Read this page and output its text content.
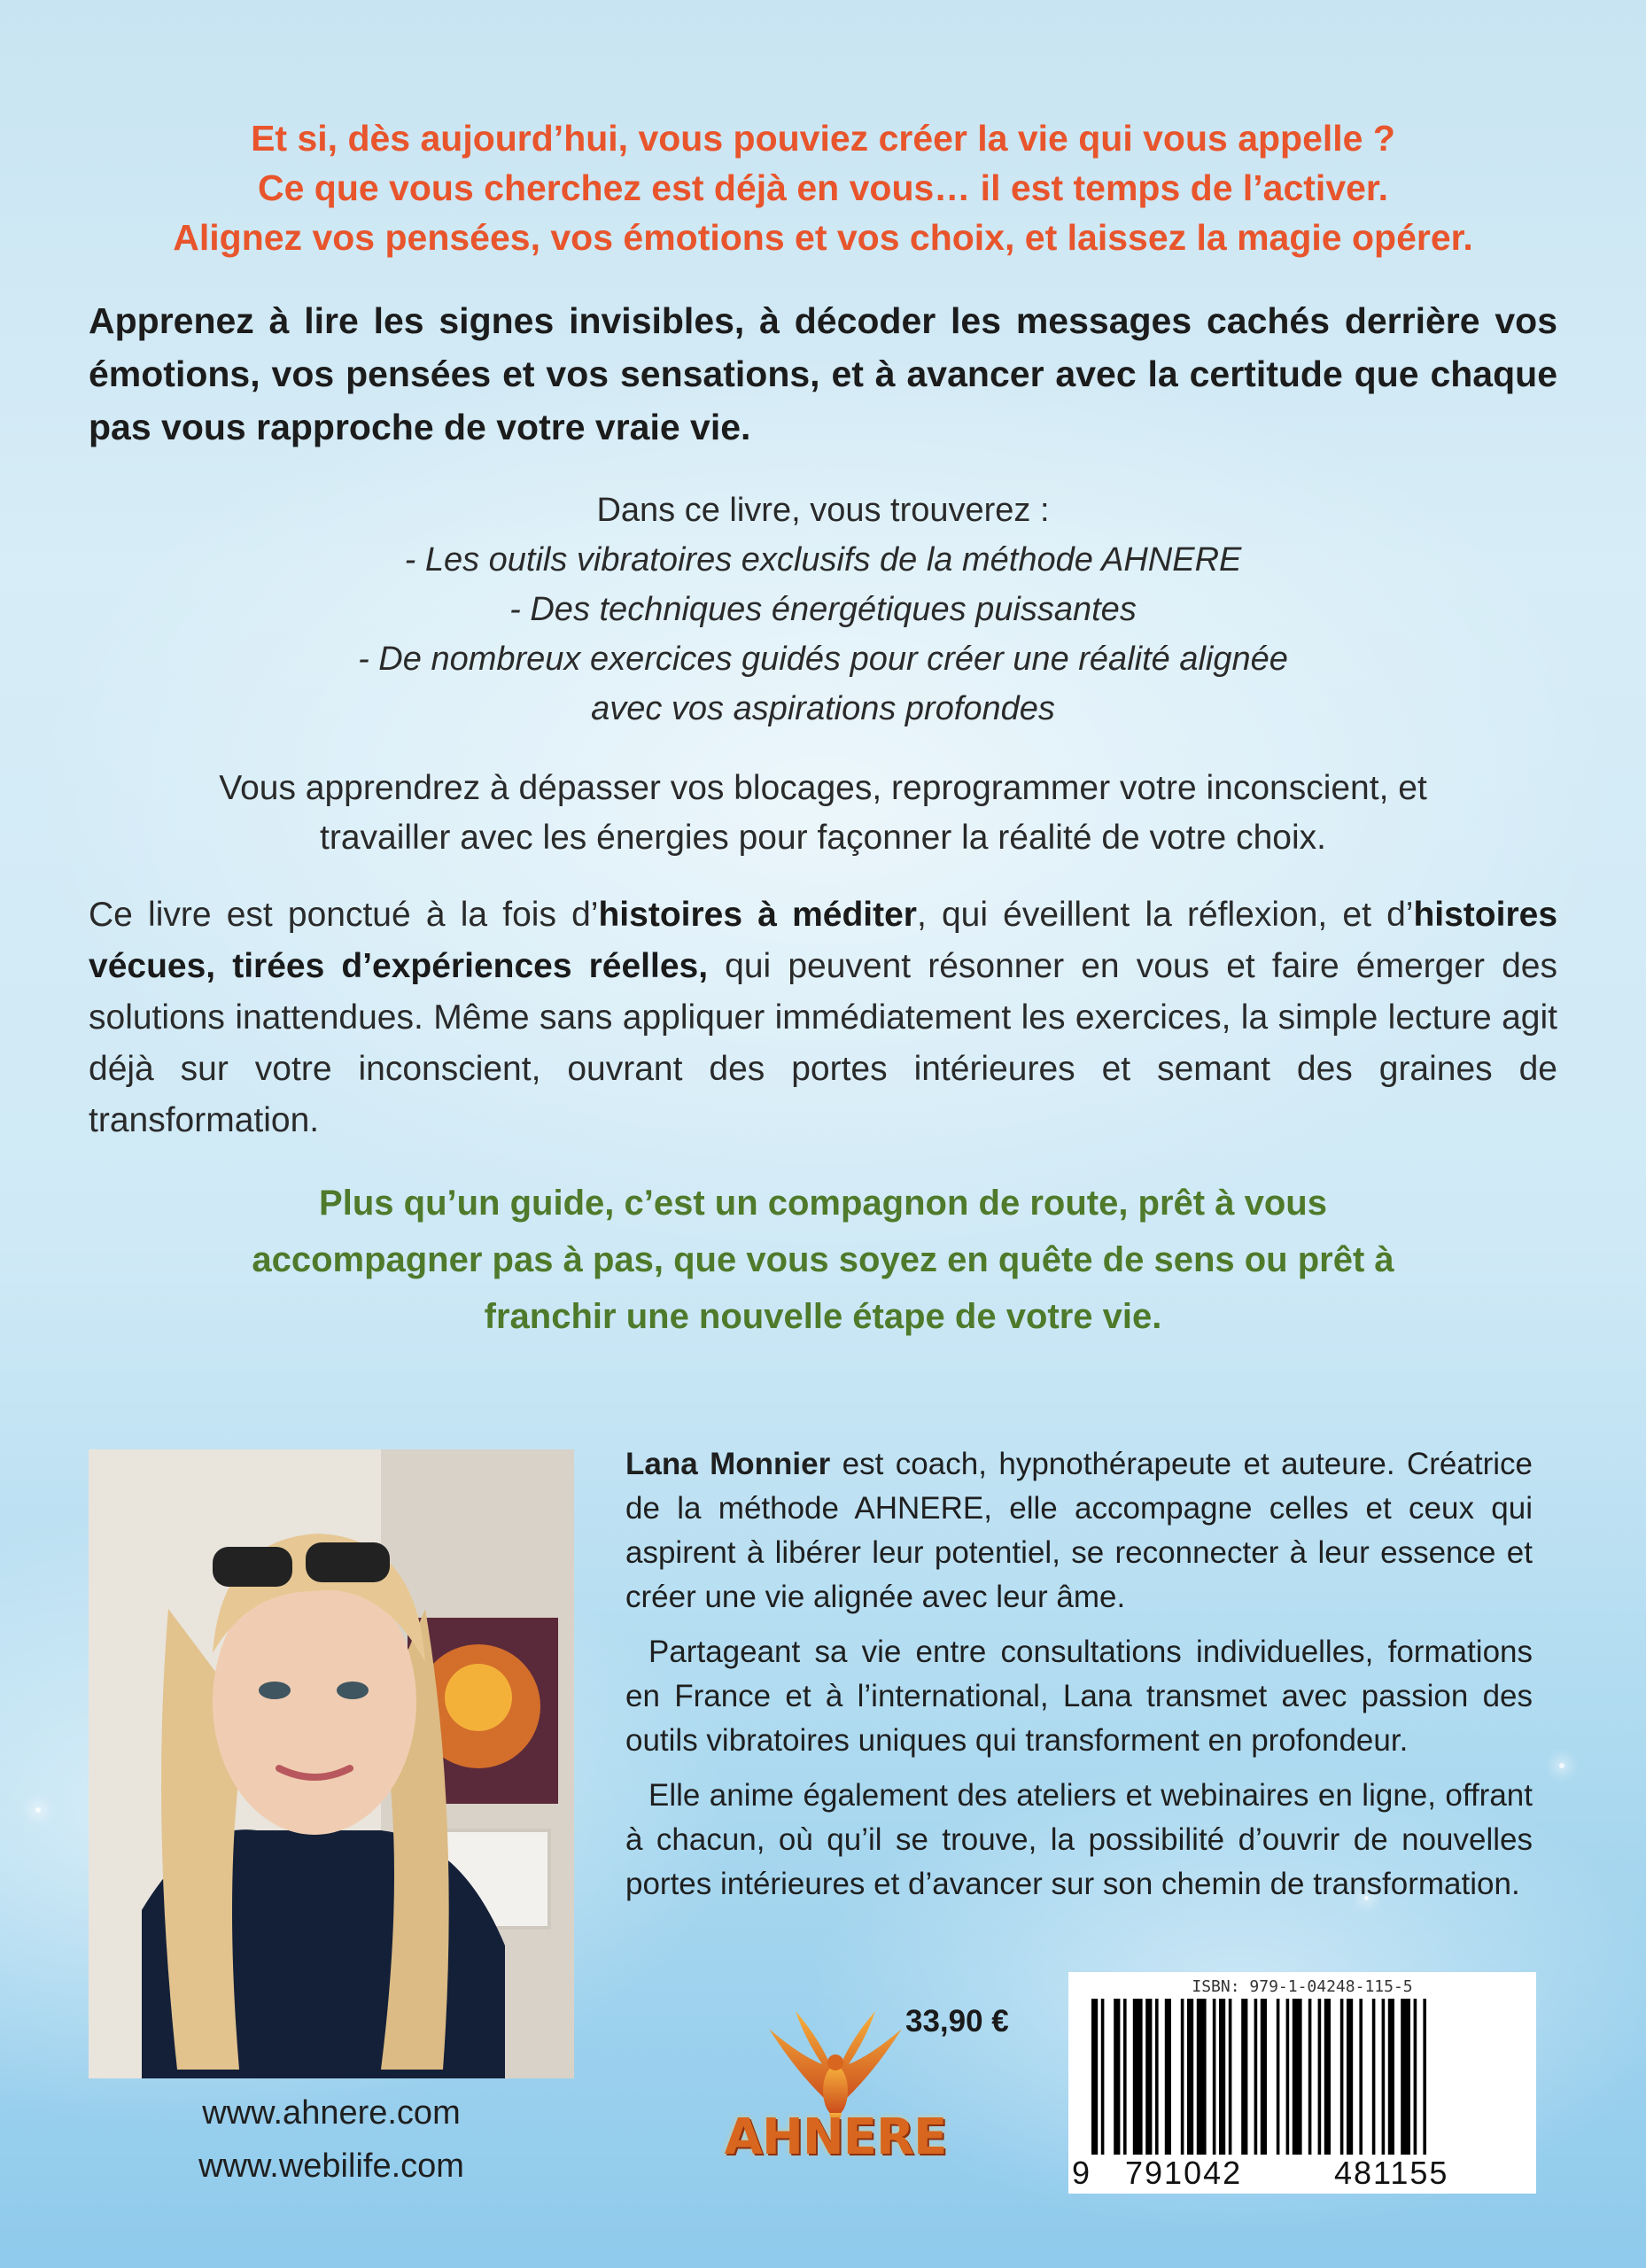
Et si, dès aujourd’hui, vous pouviez créer la vie qui vous appelle ?
Ce que vous cherchez est déjà en vous… il est temps de l’activer.
Alignez vos pensées, vos émotions et vos choix, et laissez la magie opérer.
Apprenez à lire les signes invisibles, à décoder les messages cachés derrière vos émotions, vos pensées et vos sensations, et à avancer avec la certitude que chaque pas vous rapproche de votre vraie vie.
Dans ce livre, vous trouverez :
- Les outils vibratoires exclusifs de la méthode AHNERE
- Des techniques énergétiques puissantes
- De nombreux exercices guidés pour créer une réalité alignée
avec vos aspirations profondes
Vous apprendrez à dépasser vos blocages, reprogrammer votre inconscient, et
travailler avec les énergies pour façonner la réalité de votre choix.
Ce livre est ponctué à la fois d’histoires à méditer, qui éveillent la réflexion, et d’histoires vécues, tirées d’expériences réelles, qui peuvent résonner en vous et faire émerger des solutions inattendues. Même sans appliquer immédiatement les exercices, la simple lecture agit déjà sur votre inconscient, ouvrant des portes intérieures et semant des graines de transformation.
Plus qu’un guide, c’est un compagnon de route, prêt à vous
accompagner pas à pas, que vous soyez en quête de sens ou prêt à
franchir une nouvelle étape de votre vie.
www.ahnere.com
www.webilife.com

Lana Monnier est coach, hypnothérapeute et auteure. Créatrice de la méthode AHNERE, elle accompagne celles et ceux qui aspirent à libérer leur potentiel, se reconnecter à leur essence et créer une vie alignée avec leur âme.

Partageant sa vie entre consultations individuelles, formations en France et à l’international, Lana transmet avec passion des outils vibratoires uniques qui transforment en profondeur.

Elle anime également des ateliers et webinaires en ligne, offrant à chacun, où qu’il se trouve, la possibilité d’ouvrir de nouvelles portes intérieures et d’avancer sur son chemin de transformation.

AHNERE
33,90 €
ISBN: 979-1-04248-115-5
9 791042	481155
